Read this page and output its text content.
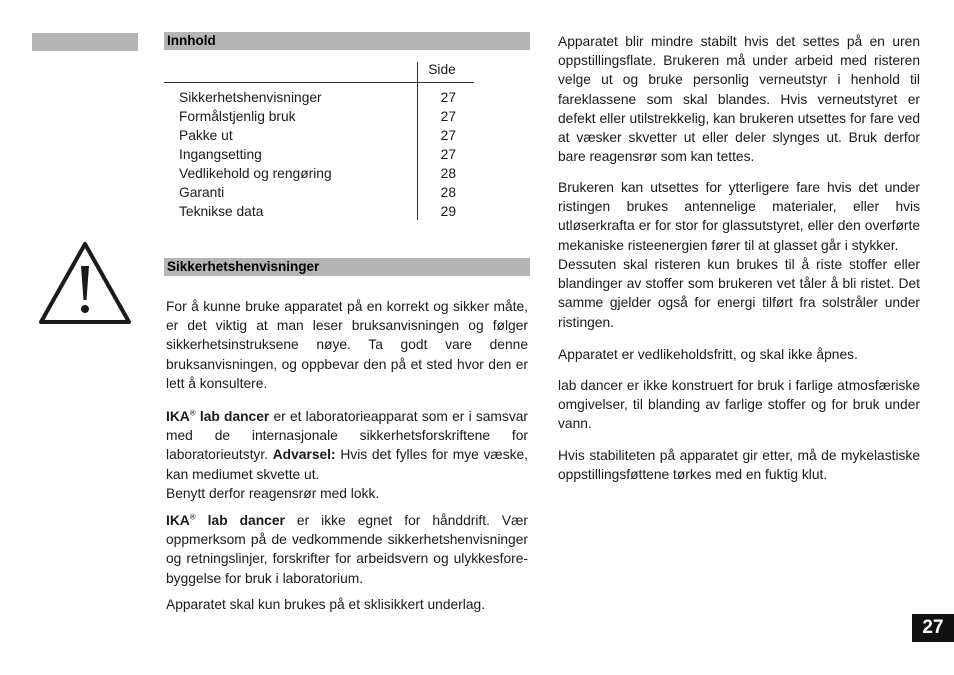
Innhold
Side
Sikkerhetshenvisninger	27
Formålstjenlig bruk	27
Pakke ut	27
Ingangsetting	27
Vedlikehold og rengøring	28
Garanti	28
Teknikse data	29
Sikkerhetshenvisninger

For å kunne bruke apparatet på en korrekt og sikker måte, er det viktig at man leser bruksanvisningen og følger sikkerhetsinstruksene nøye. Ta godt vare denne bruksanvisningen, og oppbevar den på et sted hvor den er lett å konsultere.

IKA® lab dancer er et laboratorieapparat som er i samsvar med de internasjonale sikkerhetsforskriftene for laboratorieutstyr. Advarsel: Hvis det fylles for mye væske, kan mediumet skvette ut.

Benytt derfor reagensrør med lokk.

IKA® lab dancer er ikke egnet for hånddrift. Vær oppmerksom på de vedkommende sikkerhetshenvisninger og retningslinjer, forskrifter for arbeidsvern og ulykkesfore-byggelse for bruk i laboratorium.

Apparatet skal kun brukes på et sklisikkert underlag.

Apparatet blir mindre stabilt hvis det settes på en uren oppstillingsflate. Brukeren må under arbeid med risteren velge ut og bruke personlig verneutstyr i henhold til fareklassene som skal blandes. Hvis verneutstyret er defekt eller utilstrekkelig, kan brukeren utsettes for fare ved at væsker skvetter ut eller deler slynges ut. Bruk derfor bare reagensrør som kan tettes.

Brukeren kan utsettes for ytterligere fare hvis det under ristingen brukes antennelige materialer, eller hvis utløserkrafta er for stor for glassutstyret, eller den overførte mekaniske risteenergien fører til at glasset går i stykker.

Dessuten skal risteren kun brukes til å riste stoffer eller blandinger av stoffer som brukeren vet tåler å bli ristet. Det samme gjelder også for energi tilført fra solstråler under ristingen.

Apparatet er vedlikeholdsfritt, og skal ikke åpnes.

lab dancer er ikke konstruert for bruk i farlige atmosfæriske omgivelser, til blanding av farlige stoffer og for bruk under vann.

Hvis stabiliteten på apparatet gir etter, må de mykelastiske oppstillingsføttene tørkes med en fuktig klut.

27
